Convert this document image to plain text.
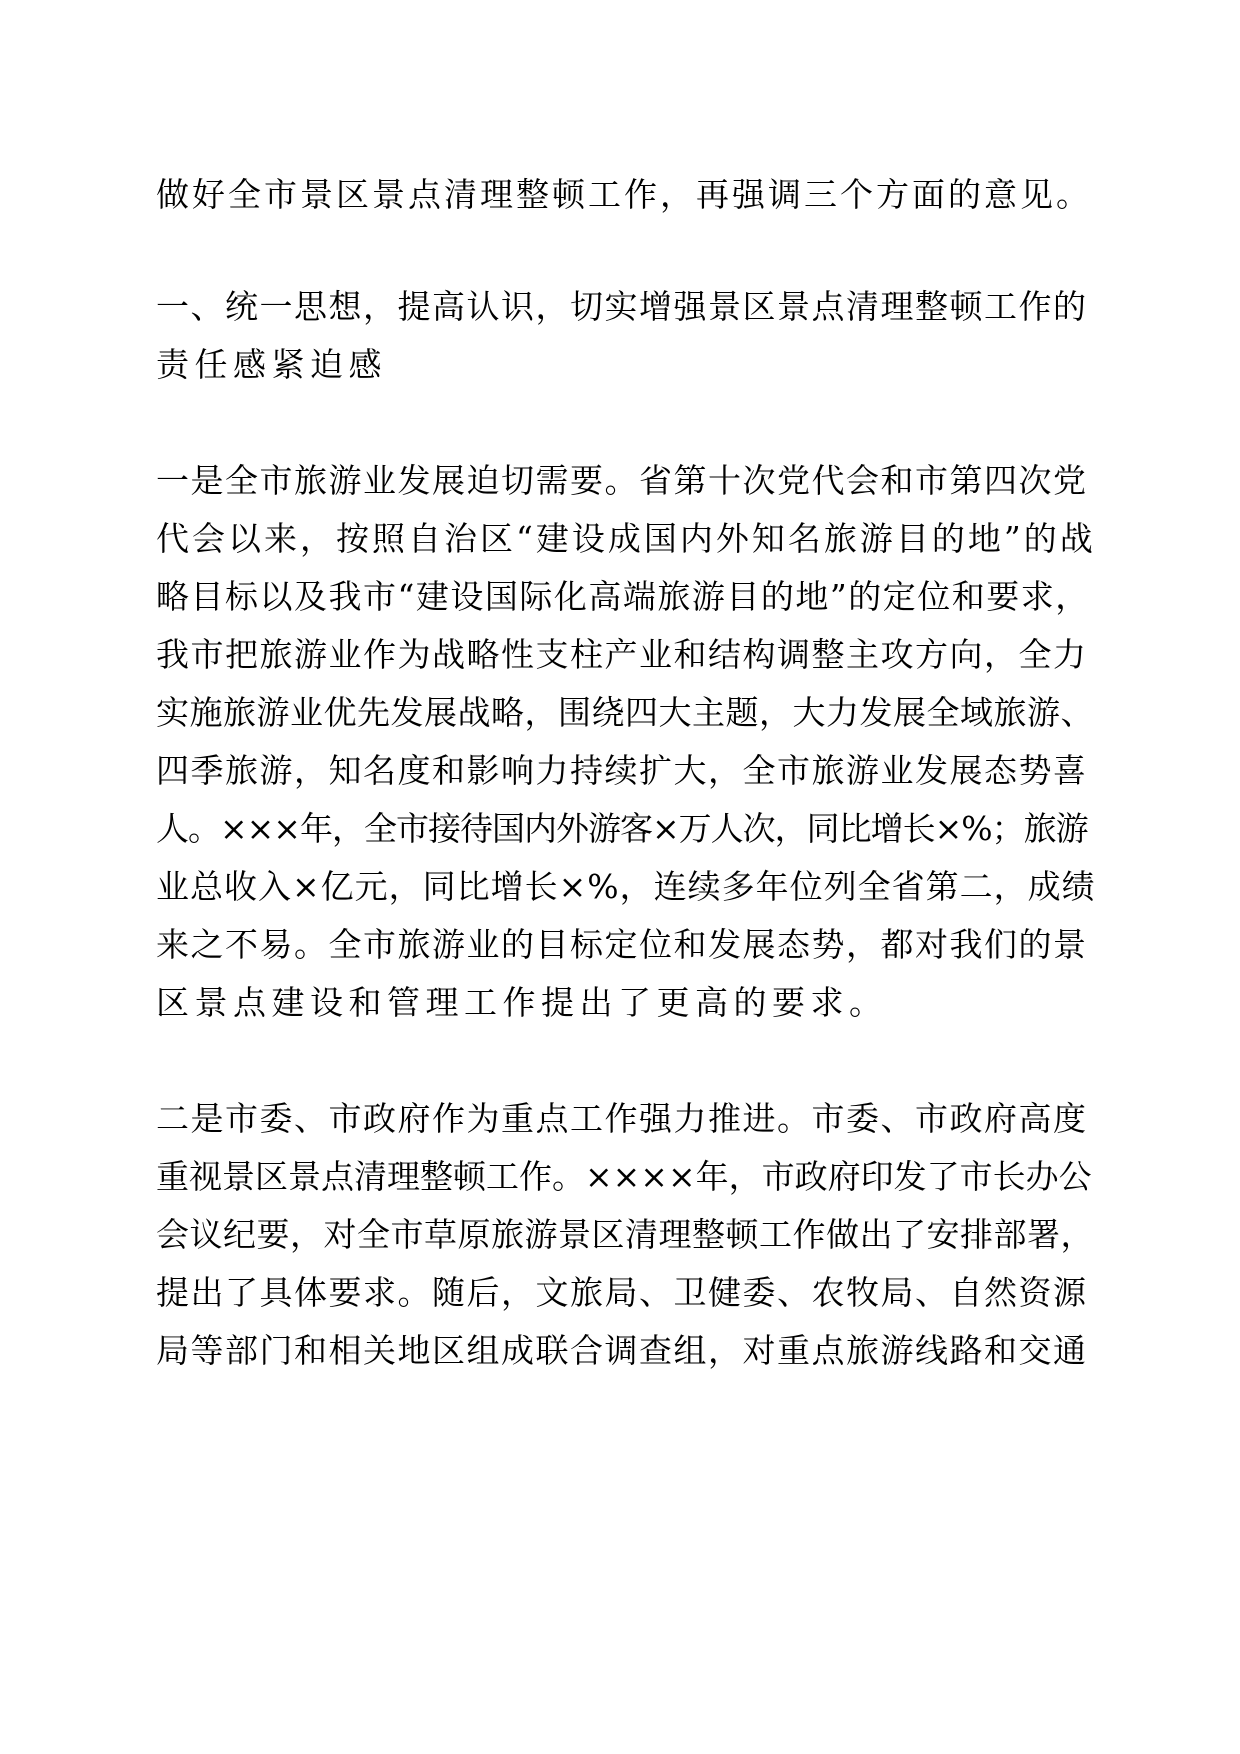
做好全市景区景点清理整顿工作，再强调三个方面的意见。

一、统一思想，提高认识，切实增强景区景点清理整顿工作的

责任感紧迫感

一是全市旅游业发展迫切需要。省第十次党代会和市第四次党

代会以来，按照自治区“建设成国内外知名旅游目的地”的战

略目标以及我市“建设国际化高端旅游目的地”的定位和要求，

我市把旅游业作为战略性支柱产业和结构调整主攻方向，全力

实施旅游业优先发展战略，围绕四大主题，大力发展全域旅游、

四季旅游，知名度和影响力持续扩大，全市旅游业发展态势喜

人。×××年，全市接待国内外游客×万人次，同比增长×%；旅游

业总收入×亿元，同比增长×%，连续多年位列全省第二，成绩

来之不易。全市旅游业的目标定位和发展态势，都对我们的景

区景点建设和管理工作提出了更高的要求。

二是市委、市政府作为重点工作强力推进。市委、市政府高度

重视景区景点清理整顿工作。××××年，市政府印发了市长办公

会议纪要，对全市草原旅游景区清理整顿工作做出了安排部署，

提出了具体要求。随后，文旅局、卫健委、农牧局、自然资源

局等部门和相关地区组成联合调查组，对重点旅游线路和交通
